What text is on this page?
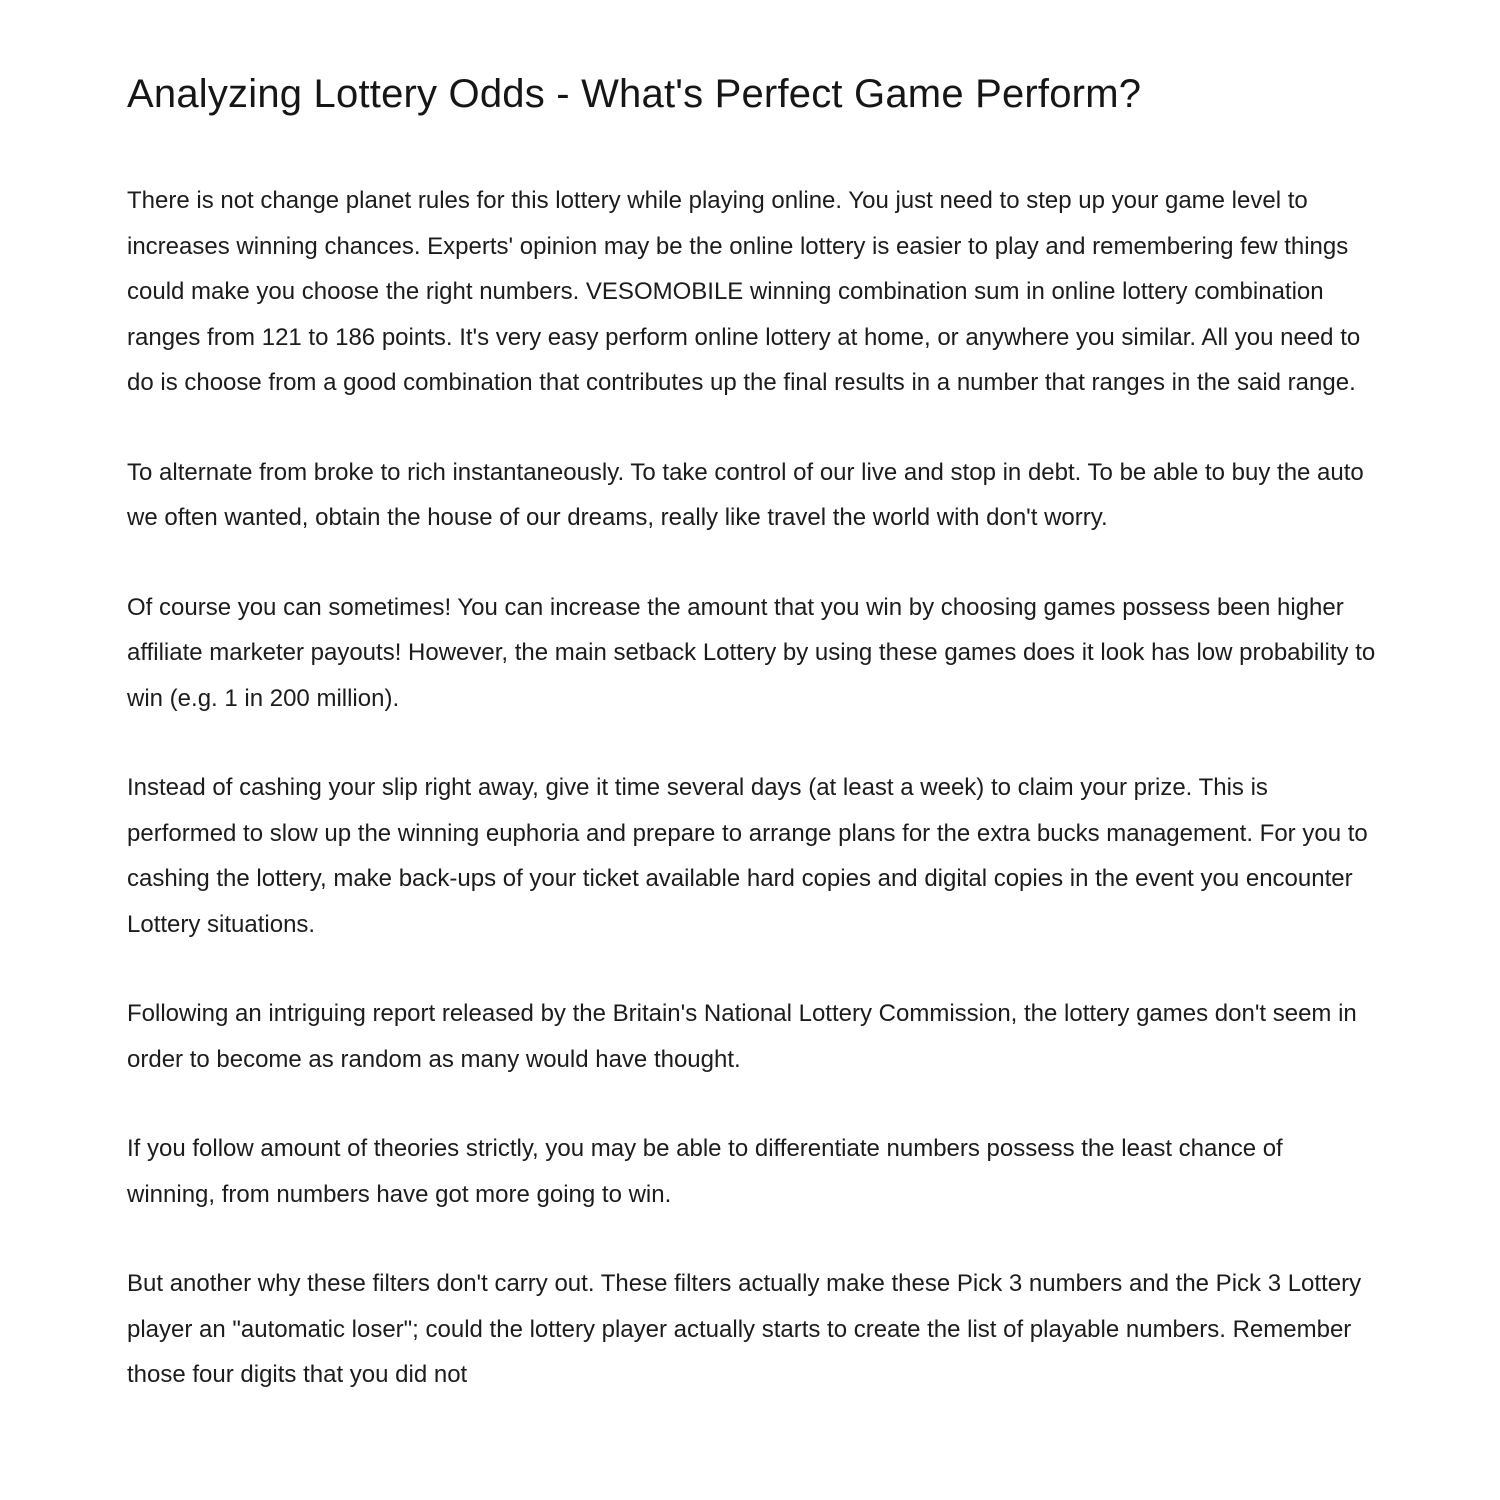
Analyzing Lottery Odds - What's Perfect Game Perform?

There is not change planet rules for this lottery while playing online. You just need to step up your game level to increases winning chances. Experts' opinion may be the online lottery is easier to play and remembering few things could make you choose the right numbers. VESOMOBILE winning combination sum in online lottery combination ranges from 121 to 186 points. It's very easy perform online lottery at home, or anywhere you similar. All you need to do is choose from a good combination that contributes up the final results in a number that ranges in the said range.

To alternate from broke to rich instantaneously. To take control of our live and stop in debt. To be able to buy the auto we often wanted, obtain the house of our dreams, really like travel the world with don't worry.

Of course you can sometimes! You can increase the amount that you win by choosing games possess been higher affiliate marketer payouts! However, the main setback Lottery by using these games does it look has low probability to win (e.g. 1 in 200 million).

Instead of cashing your slip right away, give it time several days (at least a week) to claim your prize. This is performed to slow up the winning euphoria and prepare to arrange plans for the extra bucks management. For you to cashing the lottery, make back-ups of your ticket available hard copies and digital copies in the event you encounter Lottery situations.

Following an intriguing report released by the Britain's National Lottery Commission, the lottery games don't seem in order to become as random as many would have thought.

If you follow amount of theories strictly, you may be able to differentiate numbers possess the least chance of winning, from numbers have got more going to win.

But another why these filters don't carry out. These filters actually make these Pick 3 numbers and the Pick 3 Lottery player an "automatic loser"; could the lottery player actually starts to create the list of playable numbers. Remember those four digits that you did not
